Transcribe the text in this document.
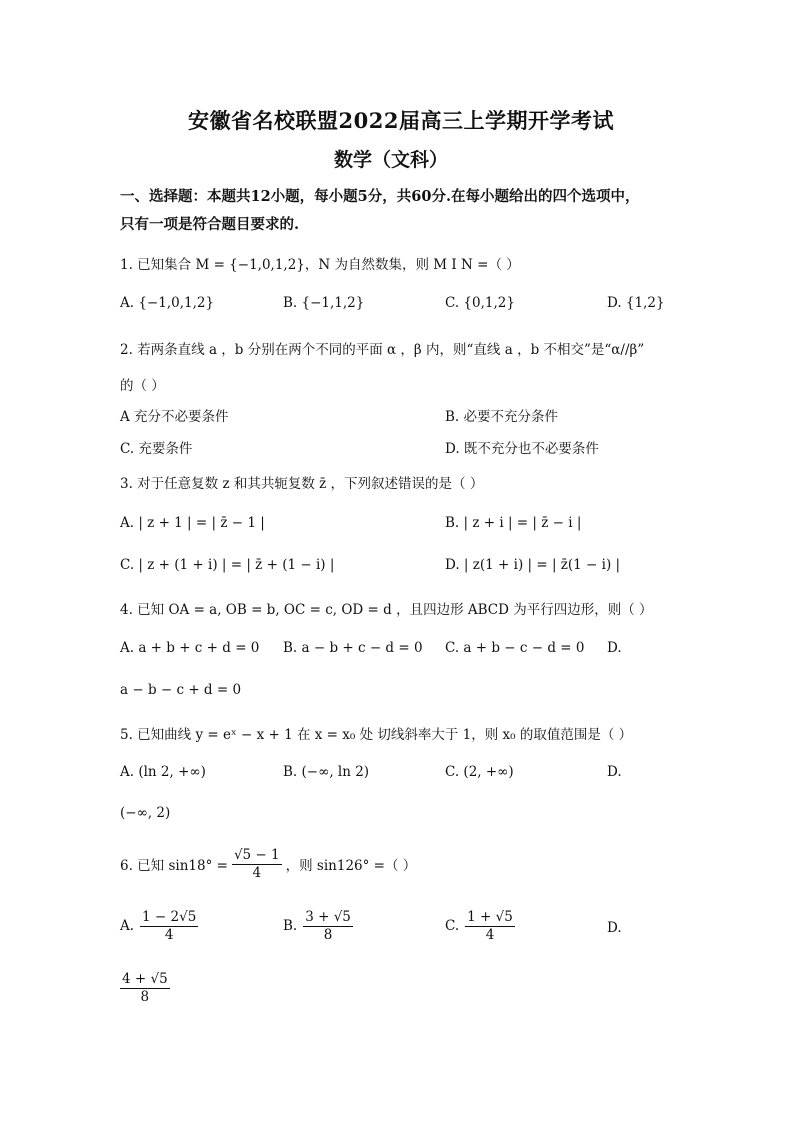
安徽省名校联盟2022届高三上学期开学考试
数学（文科）
一、选择题：本题共12小题，每小题5分，共60分.在每小题给出的四个选项中，
只有一项是符合题目要求的.
1. 已知集合 M = {−1,0,1,2}，N 为自然数集，则 M I N =（ ）
A. {−1,0,1,2}	B. {−1,1,2}	C. {0,1,2}	D. {1,2}
2. 若两条直线 a ，b 分别在两个不同的平面 α ，β 内，则“直线 a ，b 不相交”是“α//β”
的（ ）
A 充分不必要条件	B. 必要不充分条件
C. 充要条件	D. 既不充分也不必要条件
3. 对于任意复数 z 和其共轭复数 z̄ ，下列叙述错误的是（ ）
A. | z + 1 | = | z̄ − 1 |	B. | z + i | = | z̄ − i |
C. | z + (1 + i) | = | z̄ + (1 − i) |	D. | z(1 + i) | = | z̄(1 − i) |
4. 已知 OA = a, OB = b, OC = c, OD = d ，且四边形 ABCD 为平行四边形，则（ ）
A. a + b + c + d = 0 B. a − b + c − d = 0 C. a + b − c − d = 0 D.
a − b − c + d = 0
5. 已知曲线 y = eˣ − x + 1 在 x = x₀ 处 切线斜率大于 1，则 x₀ 的取值范围是（ ）
A. (ln 2, +∞)	B. (−∞, ln 2)	C. (2, +∞)	D.
(−∞, 2)
6. 已知 $\sin 18^\circ = \frac{√5 - 1}{4}$ ，则 sin126° =（ ）
A. $\frac{1 - 2√5}{4}$	B. $\frac{3 + √5}{8}$	C. $\frac{1 + √5}{4}$	D.
$\frac{4 + √5}{8}$
